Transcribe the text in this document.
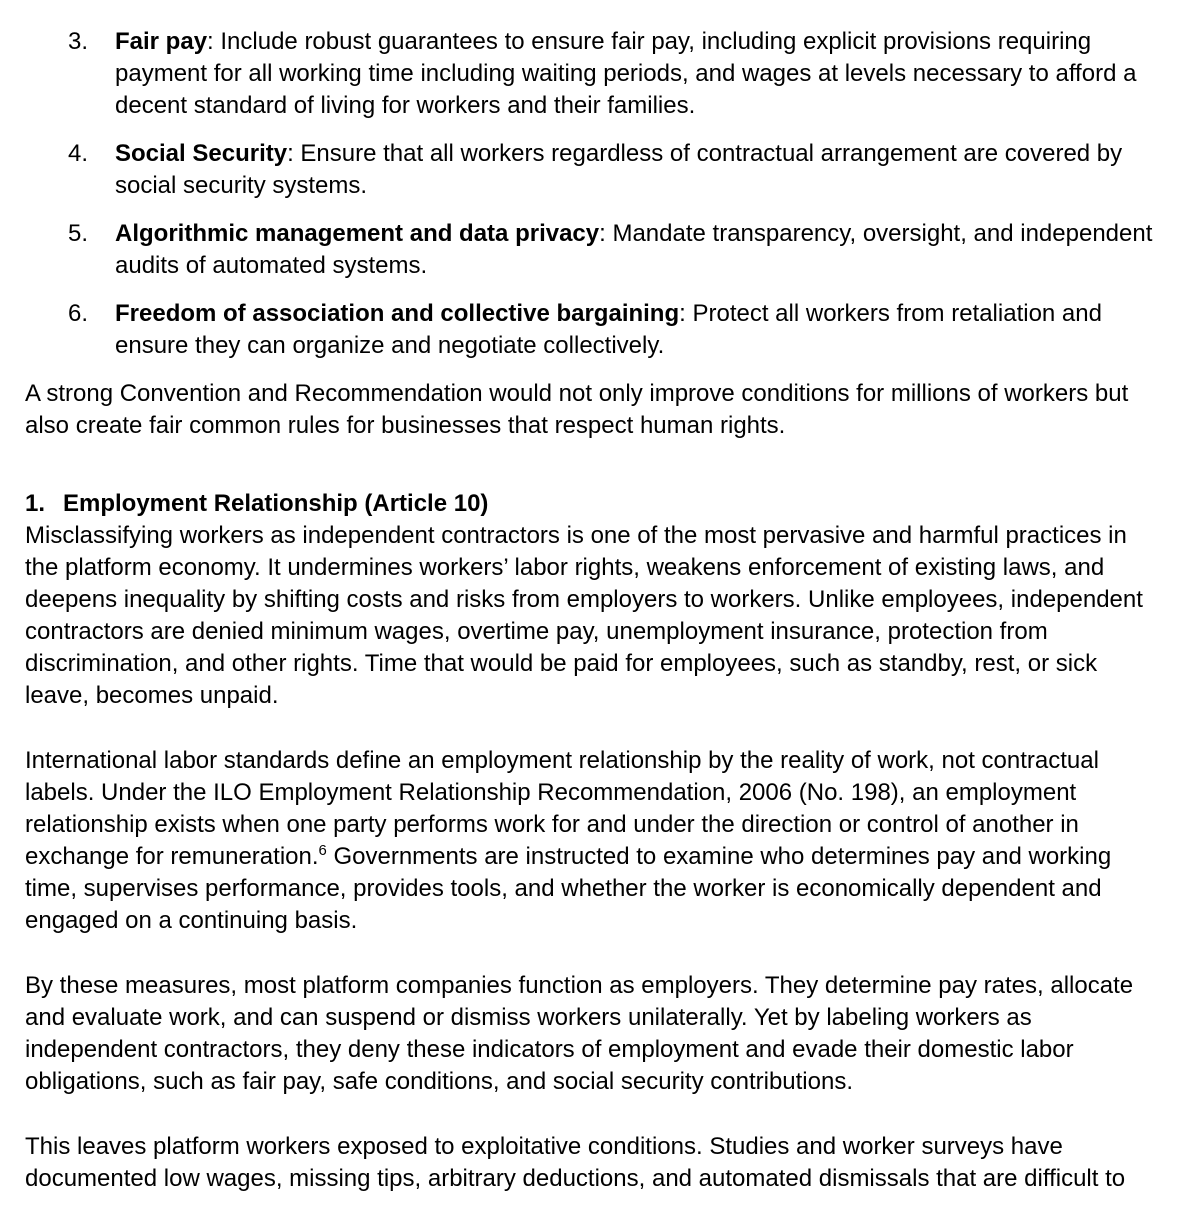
3.	Fair pay: Include robust guarantees to ensure fair pay, including explicit provisions requiring payment for all working time including waiting periods, and wages at levels necessary to afford a decent standard of living for workers and their families.
4.	Social Security: Ensure that all workers regardless of contractual arrangement are covered by social security systems.
5.	Algorithmic management and data privacy: Mandate transparency, oversight, and independent audits of automated systems.
6.	Freedom of association and collective bargaining: Protect all workers from retaliation and ensure they can organize and negotiate collectively.

A strong Convention and Recommendation would not only improve conditions for millions of workers but also create fair common rules for businesses that respect human rights.

1. Employment Relationship (Article 10)

Misclassifying workers as independent contractors is one of the most pervasive and harmful practices in the platform economy. It undermines workers’ labor rights, weakens enforcement of existing laws, and deepens inequality by shifting costs and risks from employers to workers. Unlike employees, independent contractors are denied minimum wages, overtime pay, unemployment insurance, protection from discrimination, and other rights. Time that would be paid for employees, such as standby, rest, or sick leave, becomes unpaid.

International labor standards define an employment relationship by the reality of work, not contractual labels. Under the ILO Employment Relationship Recommendation, 2006 (No. 198), an employment relationship exists when one party performs work for and under the direction or control of another in exchange for remuneration.$^6$ Governments are instructed to examine who determines pay and working time, supervises performance, provides tools, and whether the worker is economically dependent and engaged on a continuing basis.

By these measures, most platform companies function as employers. They determine pay rates, allocate and evaluate work, and can suspend or dismiss workers unilaterally. Yet by labeling workers as independent contractors, they deny these indicators of employment and evade their domestic labor obligations, such as fair pay, safe conditions, and social security contributions.

This leaves platform workers exposed to exploitative conditions. Studies and worker surveys have documented low wages, missing tips, arbitrary deductions, and automated dismissals that are difficult to
